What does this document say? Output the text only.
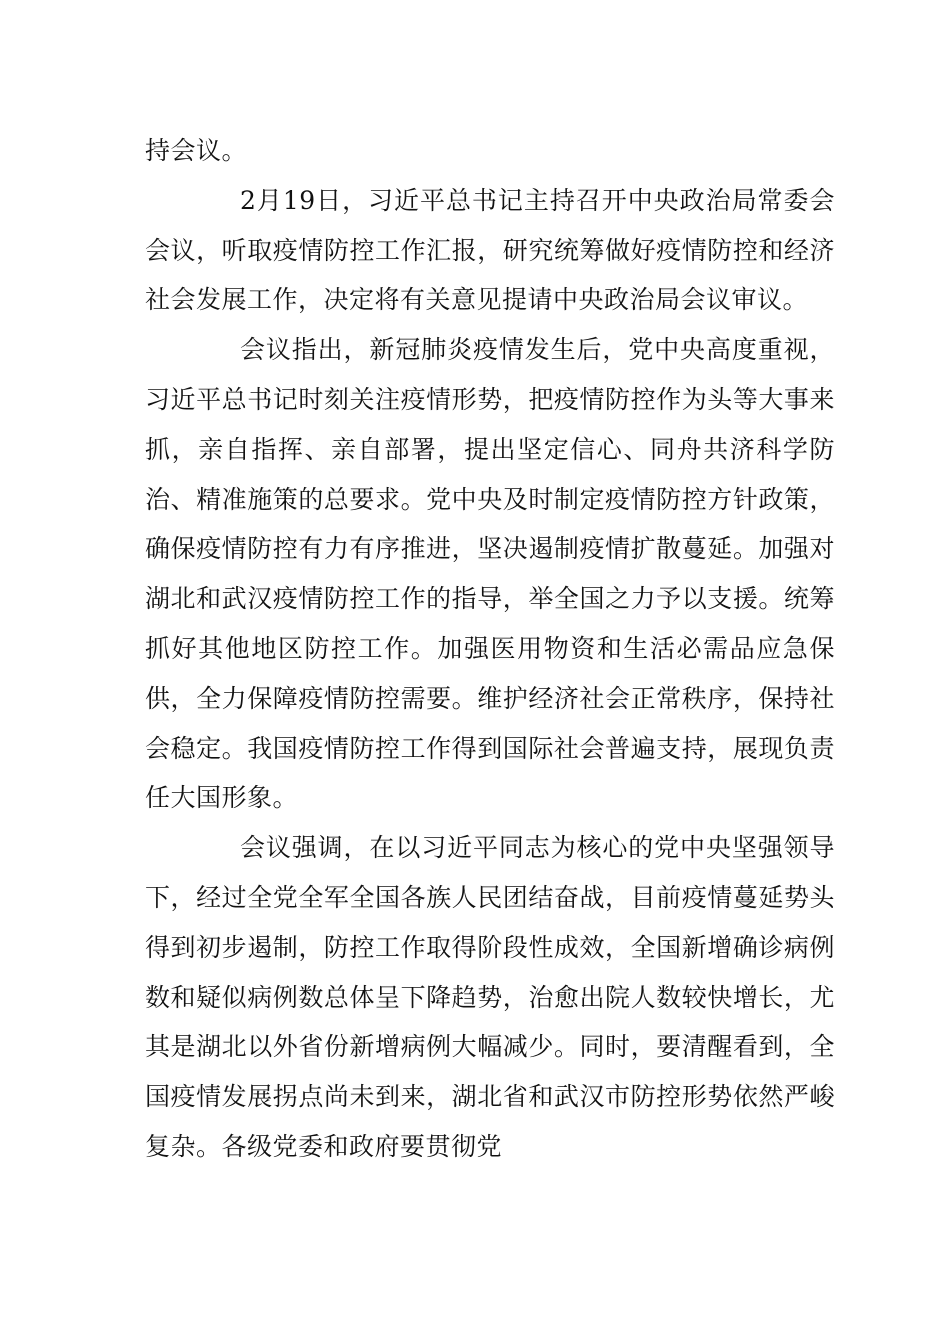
持会议。

2月19日，习近平总书记主持召开中央政治局常委会会议，听取疫情防控工作汇报，研究统筹做好疫情防控和经济社会发展工作，决定将有关意见提请中央政治局会议审议。

会议指出，新冠肺炎疫情发生后，党中央高度重视，习近平总书记时刻关注疫情形势，把疫情防控作为头等大事来抓，亲自指挥、亲自部署，提出坚定信心、同舟共济科学防治、精准施策的总要求。党中央及时制定疫情防控方针政策，确保疫情防控有力有序推进，坚决遏制疫情扩散蔓延。加强对湖北和武汉疫情防控工作的指导，举全国之力予以支援。统筹抓好其他地区防控工作。加强医用物资和生活必需品应急保供，全力保障疫情防控需要。维护经济社会正常秩序，保持社会稳定。我国疫情防控工作得到国际社会普遍支持，展现负责任大国形象。

会议强调，在以习近平同志为核心的党中央坚强领导下，经过全党全军全国各族人民团结奋战，目前疫情蔓延势头得到初步遏制，防控工作取得阶段性成效，全国新增确诊病例数和疑似病例数总体呈下降趋势，治愈出院人数较快增长，尤其是湖北以外省份新增病例大幅减少。同时，要清醒看到，全国疫情发展拐点尚未到来，湖北省和武汉市防控形势依然严峻复杂。各级党委和政府要贯彻党
